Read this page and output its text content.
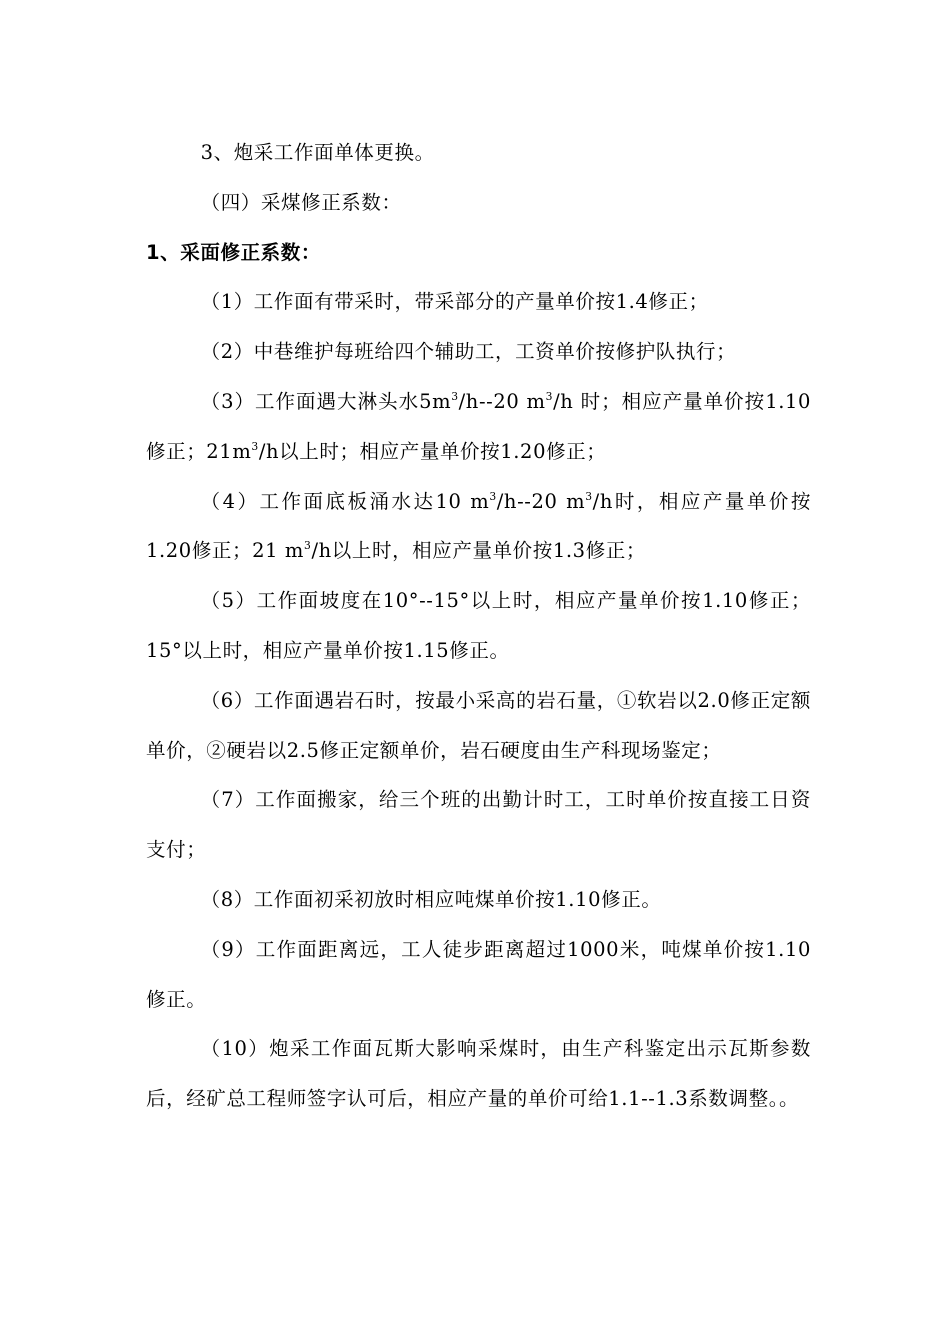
3、炮采工作面单体更换。

（四）采煤修正系数：

1、采面修正系数：

（1）工作面有带采时，带采部分的产量单价按1.4修正；

（2）中巷维护每班给四个辅助工，工资单价按修护队执行；

（3）工作面遇大淋头水$5m^3/h--20$ $m^3/h$ 时；相应产量单价按1.10修正；$21m^3/h$以上时；相应产量单价按1.20修正；

（4）工作面底板涌水达10 $m^3/h--20$ $m^3/h$时，相应产量单价按1.20修正；21 $m^3/h$以上时，相应产量单价按1.3修正；

（5）工作面坡度在10°--15°以上时，相应产量单价按1.10修正；15°以上时，相应产量单价按1.15修正。

（6）工作面遇岩石时，按最小采高的岩石量，①软岩以2.0修正定额单价，②硬岩以2.5修正定额单价，岩石硬度由生产科现场鉴定；

（7）工作面搬家，给三个班的出勤计时工，工时单价按直接工日资支付；

（8）工作面初采初放时相应吨煤单价按1.10修正。

（9）工作面距离远，工人徒步距离超过1000米，吨煤单价按1.10修正。

（10）炮采工作面瓦斯大影响采煤时，由生产科鉴定出示瓦斯参数后，经矿总工程师签字认可后，相应产量的单价可给1.1--1.3系数调整。。
